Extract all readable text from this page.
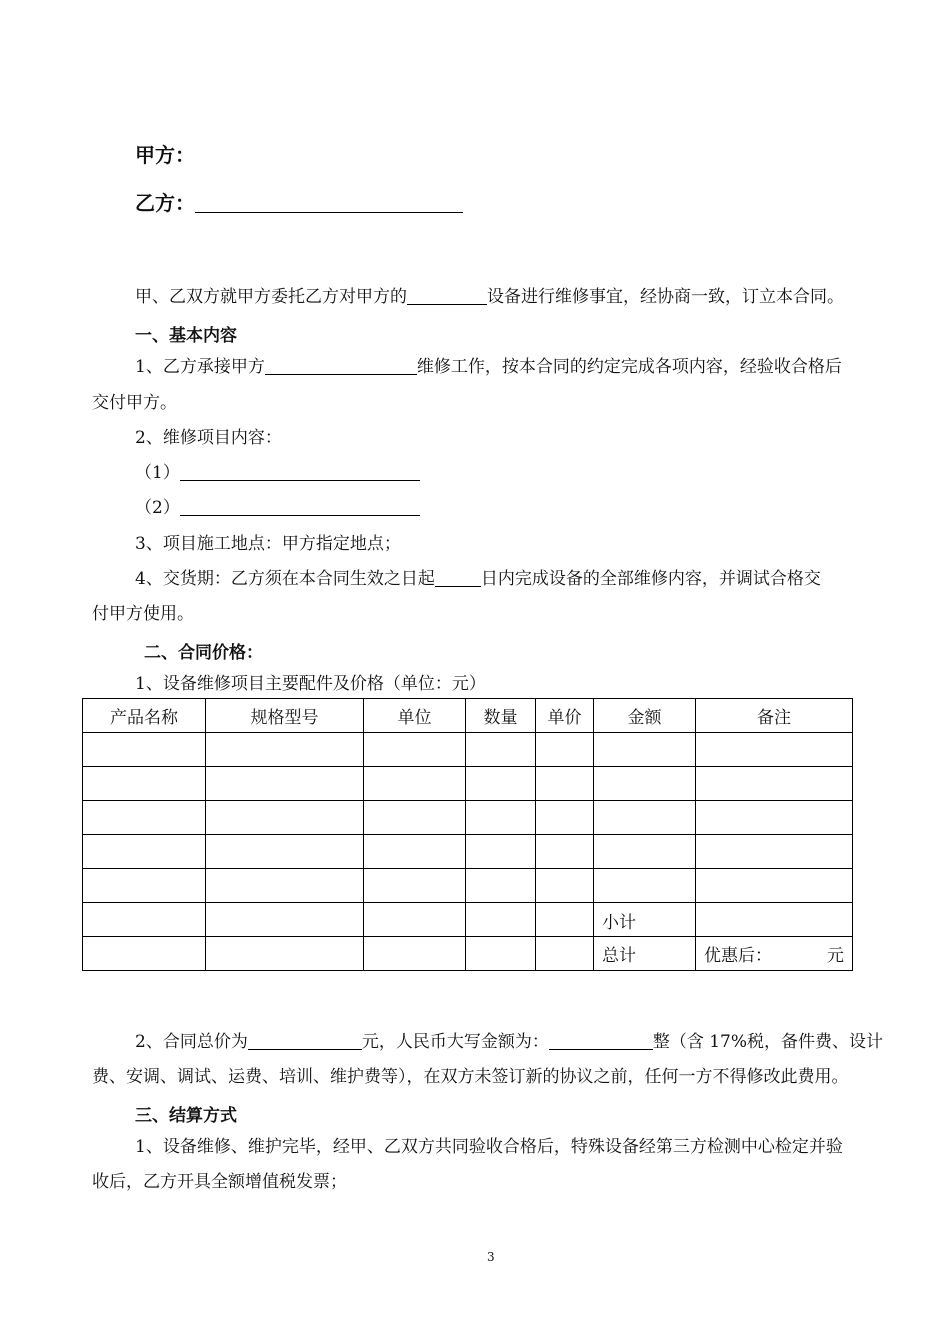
甲方：
乙方：
甲、乙双方就甲方委托乙方对甲方的	设备进行维修事宜，经协商一致，订立本合同。
一、基本内容
1、乙方承接甲方	维修工作，按本合同的约定完成各项内容，经验收合格后
交付甲方。
2、维修项目内容：
（1）
（2）
3、项目施工地点：甲方指定地点；
4、交货期：乙方须在本合同生效之日起	日内完成设备的全部维修内容，并调试合格交
付甲方使用。
二、合同价格：
1、设备维修项目主要配件及价格（单位：元）
产品名称	规格型号	单位	数量	单价	金额	备注

					小计	
					总计	优惠后： 元
2、合同总价为	元，人民币大写金额为：	整（含 17%税，备件费、设计
费、安调、调试、运费、培训、维护费等），在双方未签订新的协议之前，任何一方不得修改此费用。
三、结算方式
1、设备维修、维护完毕，经甲、乙双方共同验收合格后，特殊设备经第三方检测中心检定并验
收后，乙方开具全额增值税发票；
3
